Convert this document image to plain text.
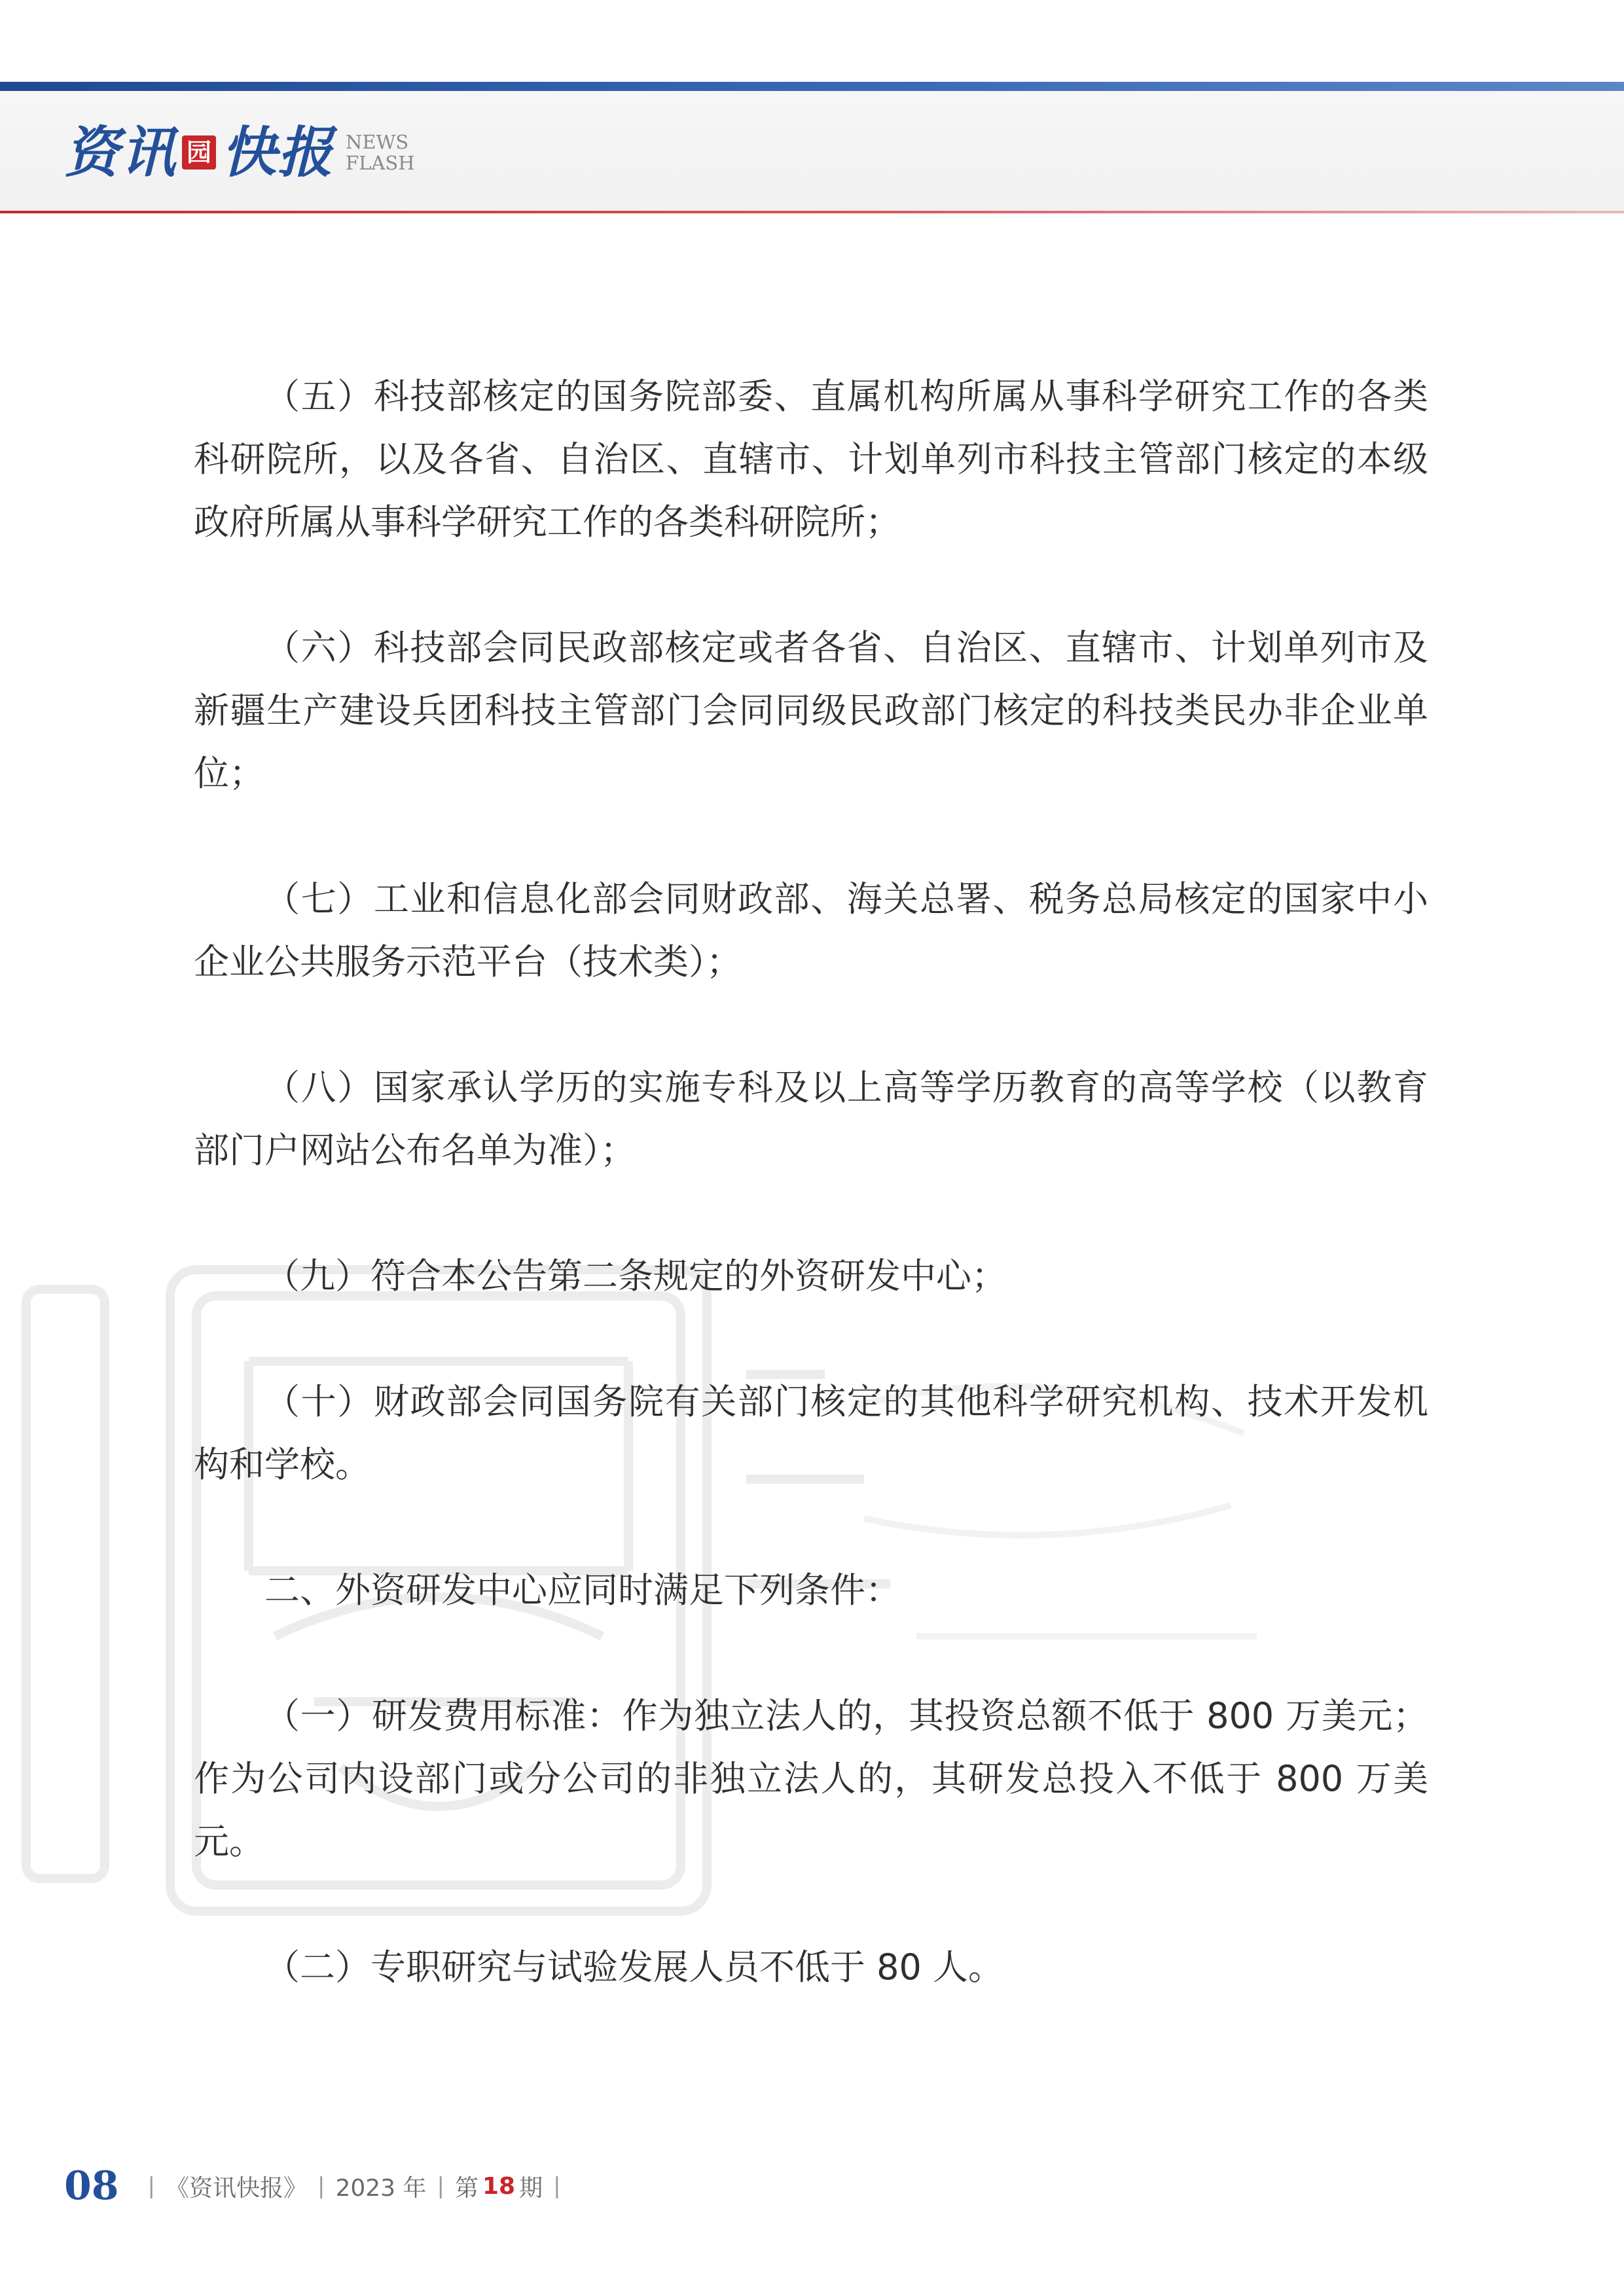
资讯 园 快报 NEWS
FLASH

（五）科技部核定的国务院部委、直属机构所属从事科学研究工作的各类科研院所，以及各省、自治区、直辖市、计划单列市科技主管部门核定的本级政府所属从事科学研究工作的各类科研院所；

（六）科技部会同民政部核定或者各省、自治区、直辖市、计划单列市及新疆生产建设兵团科技主管部门会同同级民政部门核定的科技类民办非企业单位；

（七）工业和信息化部会同财政部、海关总署、税务总局核定的国家中小企业公共服务示范平台（技术类）；

（八）国家承认学历的实施专科及以上高等学历教育的高等学校（以教育部门户网站公布名单为准）；

（九）符合本公告第二条规定的外资研发中心；

（十）财政部会同国务院有关部门核定的其他科学研究机构、技术开发机构和学校。

二、外资研发中心应同时满足下列条件：

（一）研发费用标准：作为独立法人的，其投资总额不低于 800 万美元；作为公司内设部门或分公司的非独立法人的，其研发总投入不低于 800 万美元。

（二）专职研究与试验发展人员不低于 80 人。

08 | 《资讯快报》 | 2023 年 | 第 18 期 |
